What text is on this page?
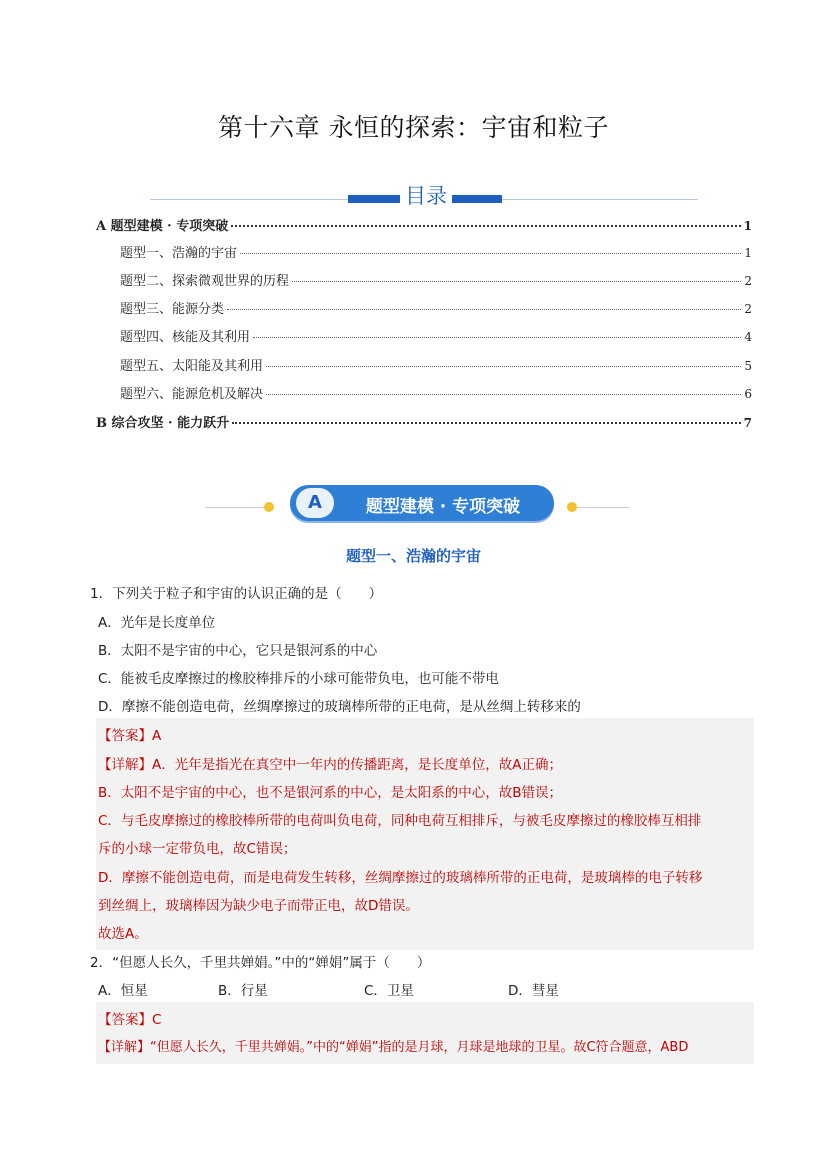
第十六章 永恒的探索：宇宙和粒子
目录
A 题型建模 · 专项突破	1
题型一、浩瀚的宇宙	1
题型二、探索微观世界的历程	2
题型三、能源分类	2
题型四、核能及其利用	4
题型五、太阳能及其利用	5
题型六、能源危机及解决	6
B 综合攻坚 · 能力跃升	7
A	题型建模 · 专项突破
题型一、浩瀚的宇宙
1．下列关于粒子和宇宙的认识正确的是（　　）
A．光年是长度单位
B．太阳不是宇宙的中心，它只是银河系的中心
C．能被毛皮摩擦过的橡胶棒排斥的小球可能带负电，也可能不带电
D．摩擦不能创造电荷，丝绸摩擦过的玻璃棒所带的正电荷，是从丝绸上转移来的
【答案】A
【详解】A．光年是指光在真空中一年内的传播距离，是长度单位，故A正确；
B．太阳不是宇宙的中心，也不是银河系的中心，是太阳系的中心，故B错误；
C．与毛皮摩擦过的橡胶棒所带的电荷叫负电荷，同种电荷互相排斥，与被毛皮摩擦过的橡胶棒互相排
斥的小球一定带负电，故C错误；
D．摩擦不能创造电荷，而是电荷发生转移，丝绸摩擦过的玻璃棒所带的正电荷，是玻璃棒的电子转移
到丝绸上，玻璃棒因为缺少电子而带正电，故D错误。
故选A。
2．“但愿人长久，千里共婵娟。”中的“婵娟”属于（　　）
A．恒星	B．行星	C．卫星	D．彗星
【答案】C
【详解】“但愿人长久，千里共婵娟。”中的“婵娟”指的是月球，月球是地球的卫星。故C符合题意，ABD
